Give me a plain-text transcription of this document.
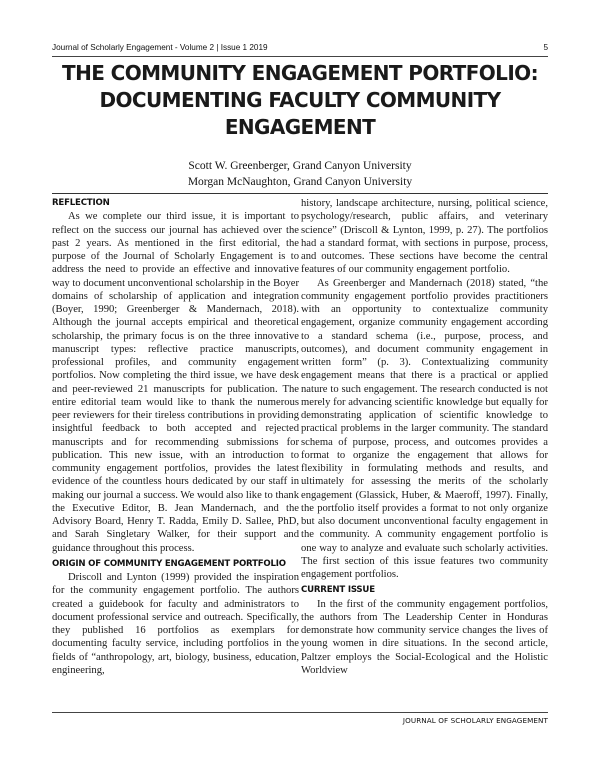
Journal of Scholarly Engagement - Volume 2 | Issue 1 2019	5
THE COMMUNITY ENGAGEMENT PORTFOLIO:
DOCUMENTING FACULTY COMMUNITY
ENGAGEMENT
Scott W. Greenberger, Grand Canyon University
Morgan McNaughton, Grand Canyon University
REFLECTION

As we complete our third issue, it is important to reflect on the success our journal has achieved over the past 2 years. As mentioned in the first editorial, the purpose of the Journal of Scholarly Engagement is to address the need to provide an effective and innovative way to document unconventional scholarship in the Boyer domains of scholarship of application and integration (Boyer, 1990; Greenberger & Mandernach, 2018). Although the journal accepts empirical and theoretical scholarship, the primary focus is on the three innovative manuscript types: reflective practice manuscripts, professional profiles, and community engagement portfolios. Now completing the third issue, we have desk and peer-reviewed 21 manuscripts for publication. The entire editorial team would like to thank the numerous peer reviewers for their tireless contributions in providing insightful feedback to both accepted and rejected manuscripts and for recommending submissions for publication. This new issue, with an introduction to community engagement portfolios, provides the latest evidence of the countless hours dedicated by our staff in making our journal a success. We would also like to thank the Executive Editor, B. Jean Mandernach, and the Advisory Board, Henry T. Radda, Emily D. Sallee, PhD, and Sarah Singletary Walker, for their support and guidance throughout this process.

ORIGIN OF COMMUNITY ENGAGEMENT PORTFOLIO

Driscoll and Lynton (1999) provided the inspiration for the community engagement portfolio. The authors created a guidebook for faculty and administrators to document professional service and outreach. Specifically, they published 16 portfolios as exemplars for documenting faculty service, including portfolios in the fields of “anthropology, art, biology, business, education, engineering,

history, landscape architecture, nursing, political science, psychology/research, public affairs, and veterinary science” (Driscoll & Lynton, 1999, p. 27). The portfolios had a standard format, with sections in purpose, process, and outcomes. These sections have become the central features of our community engagement portfolio.

As Greenberger and Mandernach (2018) stated, “the community engagement portfolio provides practitioners with an opportunity to contextualize community engagement, organize community engagement according to a standard schema (i.e., purpose, process, and outcomes), and document community engagement in written form” (p. 3). Contextualizing community engagement means that there is a practical or applied nature to such engagement. The research conducted is not merely for advancing scientific knowledge but equally for demonstrating application of scientific knowledge to practical problems in the larger community. The standard schema of purpose, process, and outcomes provides a format to organize the engagement that allows for flexibility in formulating methods and results, and ultimately for assessing the merits of the scholarly engagement (Glassick, Huber, & Maeroff, 1997). Finally, the portfolio itself provides a format to not only organize but also document unconventional faculty engagement in the community. A community engagement portfolio is one way to analyze and evaluate such scholarly activities. The first section of this issue features two community engagement portfolios.

CURRENT ISSUE

In the first of the community engagement portfolios, the authors from The Leadership Center in Honduras demonstrate how community service changes the lives of young women in dire situations. In the second article, Paltzer employs the Social-Ecological and the Holistic Worldview

JOURNAL OF SCHOLARLY ENGAGEMENT
